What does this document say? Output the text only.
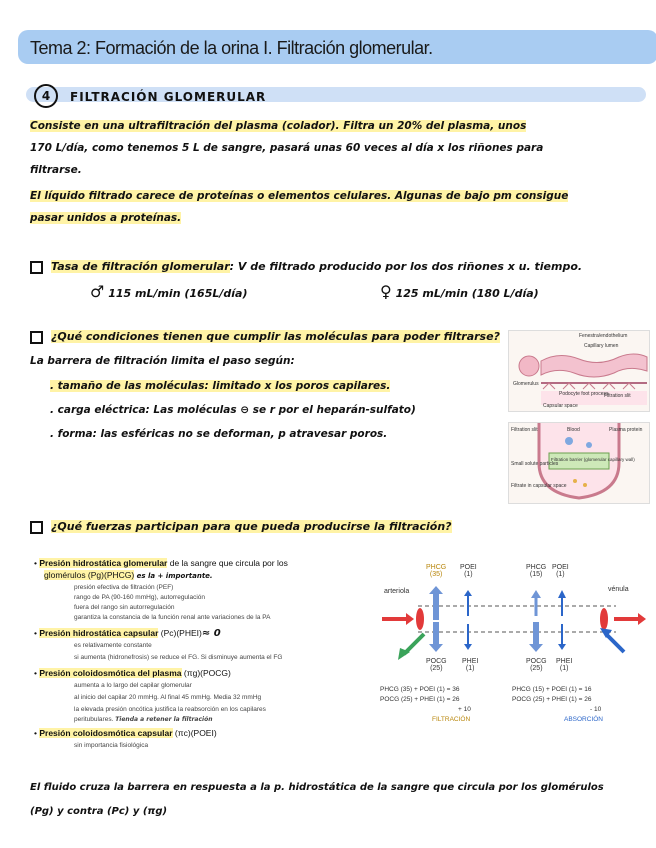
Tema 2: Formación de la orina I. Filtración glomerular.
4	FILTRACIÓN GLOMERULAR
Consiste en una ultrafiltración del plasma (colador). Filtra un 20% del plasma, unos
170 L/día, como tenemos 5 L de sangre, pasará unas 60 veces al día x los riñones para
filtrarse.
El líquido filtrado carece de proteínas o elementos celulares. Algunas de bajo pm consigue
pasar unidos a proteínas.
Tasa de filtración glomerular: V de filtrado producido por los dos riñones x u. tiempo.
♂ 115 mL/min (165L/día)	♀ 125 mL/min (180 L/día)
¿Qué condiciones tienen que cumplir las moléculas para poder filtrarse?
La barrera de filtración limita el paso según:
. tamaño de las moléculas: limitado x los poros capilares.
. carga eléctrica: Las moléculas ⊖ se r por el heparán-sulfato)
. forma: las esféricas no se deforman, p atravesar poros.
Fenestra/endothelium
Capillary lumen
Glomerulus
Podocyte foot process
Filtration slit
Capsular space
Filtration slit	Blood	Plasma protein
Filtration barrier (glomerular capillary wall)
Small solute particles
Filtrate in capsular space
¿Qué fuerzas participan para que pueda producirse la filtración?
• Presión hidrostática glomerular de la sangre que circula por los
glomérulos (Pg)(PHCG) es la + importante.
presión efectiva de filtración (PEF)
rango de PA (90-160 mmHg), autorregulación
fuera del rango sin autorregulación
garantiza la constancia de la función renal ante variaciones de la PA
• Presión hidrostática capsular (Pc)(PHEI)≈ 0
es relativamente constante
si aumenta (hidronefrosis) se reduce el FG. Si disminuye aumenta el FG
• Presión coloidosmótica del plasma (πg)(POCG)
aumenta a lo largo del capilar glomerular
al inicio del capilar 20 mmHg. Al final 45 mmHg. Media 32 mmHg
la elevada presión oncótica justifica la reabsorción en los capilares
peritubulares. Tienda a retener la filtración
• Presión coloidosmótica capsular (πc)(POEI)
sin importancia fisiológica
PHCG
(35)
POEI
(1)
PHCG
(15)
POEI
(1)
arteriola	vénula
POCG
(25)
PHEI
(1)
POCG
(25)
PHEI
(1)
PHCG (35) + POEI (1) = 36
POCG (25) + PHEI (1) = 26
+ 10
FILTRACIÓN
PHCG (15) + POEI (1) = 16
POCG (25) + PHEI (1) = 26
- 10
ABSORCIÓN
El fluido cruza la barrera en respuesta a la p. hidrostática de la sangre que circula por los glomérulos
(Pg) y contra (Pc) y (πg)
